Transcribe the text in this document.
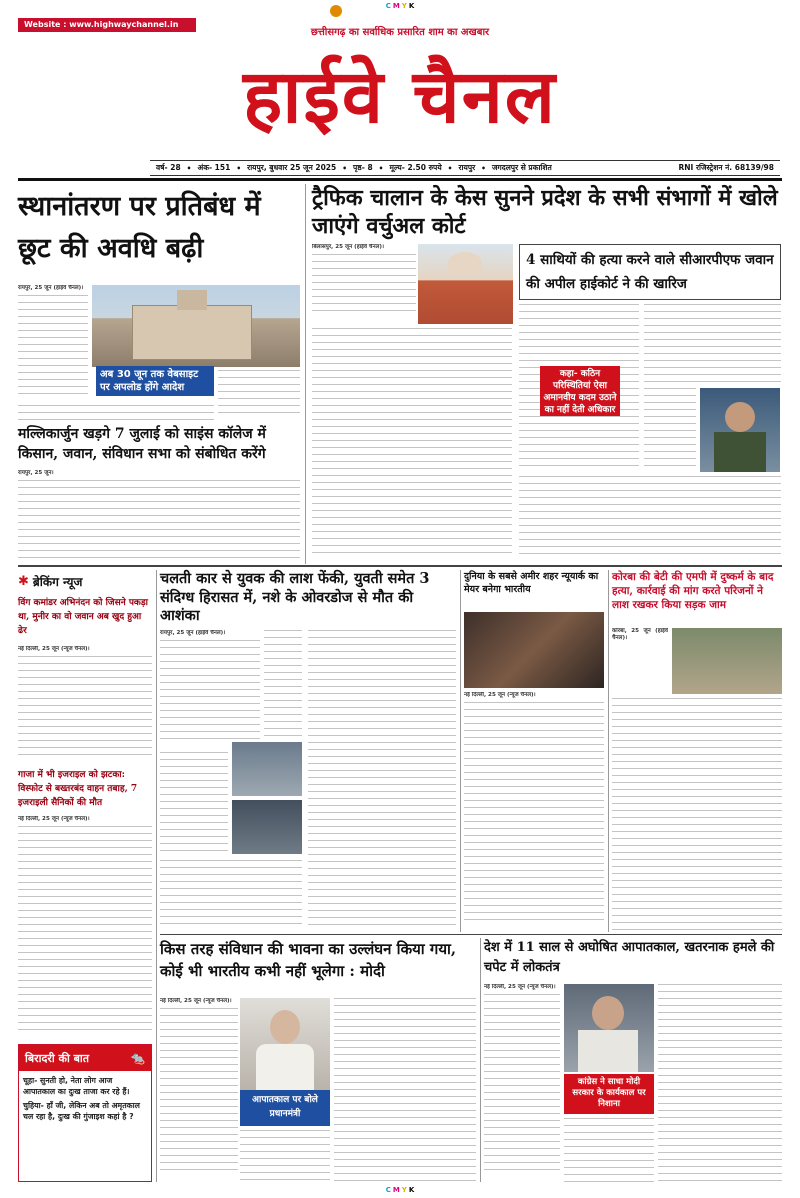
C M Y K
C M Y K
Website : www.highwaychannel.in
छत्तीसगढ़ का सर्वाधिक प्रसारित शाम का अखबार
हाईवे चैनल
वर्ष- 28 • अंक- 151 • रायपुर, बुधवार 25 जून 2025 • पृष्ठ- 8 • मूल्य- 2.50 रुपये • रायपुर • जगदलपुर से प्रकाशित	RNI रजिस्ट्रेशन नं. 68139/98
स्थानांतरण पर प्रतिबंध में छूट की अवधि बढ़ी
रायपुर, 25 जून (हाईवे चैनल)।
अब 30 जून तक वेबसाइट पर अपलोड होंगे आदेश
मल्लिकार्जुन खड़गे 7 जुलाई को साइंस कॉलेज में किसान, जवान, संविधान सभा को संबोधित करेंगे
रायपुर, 25 जून।
ट्रैफिक चालान के केस सुनने प्रदेश के सभी संभागों में खोले जाएंगे वर्चुअल कोर्ट
बिलासपुर, 25 जून (हाईवे चैनल)।
4 साथियों की हत्या करने वाले सीआरपीएफ जवान की अपील हाईकोर्ट ने की खारिज
कहा- कठिन परिस्थितियां ऐसा अमानवीय कदम उठाने का नहीं देती अधिकार
✱ ब्रेकिंग न्यूज
विंग कमांडर अभिनंदन को जिसने पकड़ा था, मुनीर का वो जवान अब खुद हुआ ढेर
नई दिल्ली, 25 जून (न्यूज चैनल)।
गाजा में भी इजराइल को झटका: विस्फोट से बख्तरबंद वाहन तबाह, 7 इजराइली सैनिकों की मौत
नई दिल्ली, 25 जून (न्यूज चैनल)।
बिरादरी की बात	🐀
चूहा- सुनती हो, नेता लोग आज आपातकाल का दुःख ताजा कर रहे हैं।
चुहिया- हाँ जी, लेकिन अब तो अमृतकाल चल रहा है, दुःख की गुंजाइश कहां है ?
चलती कार से युवक की लाश फेंकी, युवती समेत 3 संदिग्ध हिरासत में, नशे के ओवरडोज से मौत की आशंका
रायपुर, 25 जून (हाईवे चैनल)।
दुनिया के सबसे अमीर शहर न्यूयार्क का मेयर बनेगा भारतीय
नई दिल्ली, 25 जून (न्यूज चैनल)।
कोरबा की बेटी की एमपी में दुष्कर्म के बाद हत्या, कार्रवाई की मांग करते परिजनों ने लाश रखकर किया सड़क जाम
कोरबा, 25 जून (हाईवे चैनल)।
किस तरह संविधान की भावना का उल्लंघन किया गया, कोई भी भारतीय कभी नहीं भूलेगा : मोदी
नई दिल्ली, 25 जून (न्यूज चैनल)।
आपातकाल पर बोले प्रधानमंत्री
देश में 11 साल से अघोषित आपातकाल, खतरनाक हमले की चपेट में लोकतंत्र
नई दिल्ली, 25 जून (न्यूज चैनल)।
कांग्रेस ने साधा मोदी सरकार के कार्यकाल पर निशाना
